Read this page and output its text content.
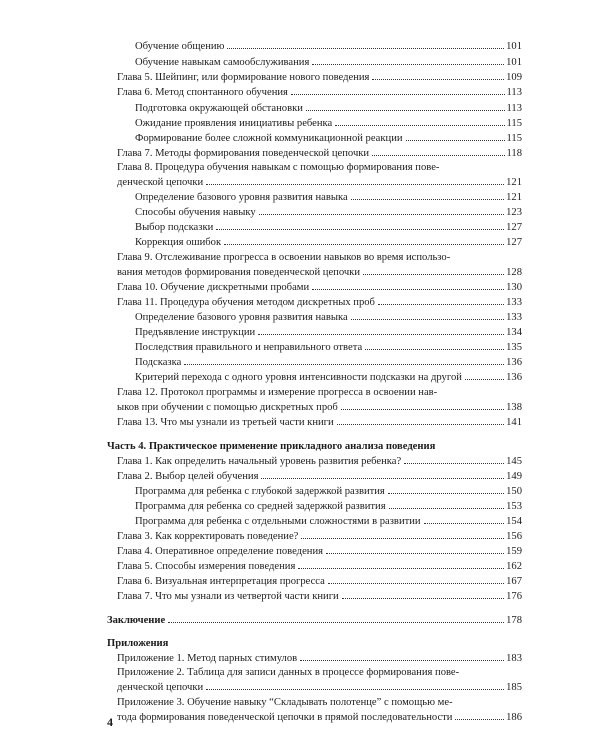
Обучение общению	101
Обучение навыкам самообслуживания	101
Глава 5. Шейпинг, или формирование нового поведения	109
Глава 6. Метод спонтанного обучения	113
Подготовка окружающей обстановки	113
Ожидание проявления инициативы ребенка	115
Формирование более сложной коммуникационной реакции	115
Глава 7. Методы формирования поведенческой цепочки	118
Глава 8. Процедура обучения навыкам с помощью формирования пове-
денческой цепочки	121
Определение базового уровня развития навыка	121
Способы обучения навыку	123
Выбор подсказки	127
Коррекция ошибок	127
Глава 9. Отслеживание прогресса в освоении навыков во время использо-
вания методов формирования поведенческой цепочки	128
Глава 10. Обучение дискретными пробами	130
Глава 11. Процедура обучения методом дискретных проб	133
Определение базового уровня развития навыка	133
Предъявление инструкции	134
Последствия правильного и неправильного ответа	135
Подсказка	136
Критерий перехода с одного уровня интенсивности подсказки на другой	136
Глава 12. Протокол программы и измерение прогресса в освоении нав-
ыков при обучении с помощью дискретных проб	138
Глава 13. Что мы узнали из третьей части книги	141
Часть 4. Практическое применение прикладного анализа поведения
Глава 1. Как определить начальный уровень развития ребенка?	145
Глава 2. Выбор целей обучения	149
Программа для ребенка с глубокой задержкой развития	150
Программа для ребенка со средней задержкой развития	153
Программа для ребенка с отдельными сложностями в развитии	154
Глава 3. Как корректировать поведение?	156
Глава 4. Оперативное определение поведения	159
Глава 5. Способы измерения поведения	162
Глава 6. Визуальная интерпретация прогресса	167
Глава 7. Что мы узнали из четвертой части книги	176
Заключение	178
Приложения
Приложение 1. Метод парных стимулов	183
Приложение 2. Таблица для записи данных в процессе формирования пове-
денческой цепочки	185
Приложение 3. Обучение навыку “Складывать полотенце” с помощью ме-
тода формирования поведенческой цепочки в прямой последовательности	186
4
